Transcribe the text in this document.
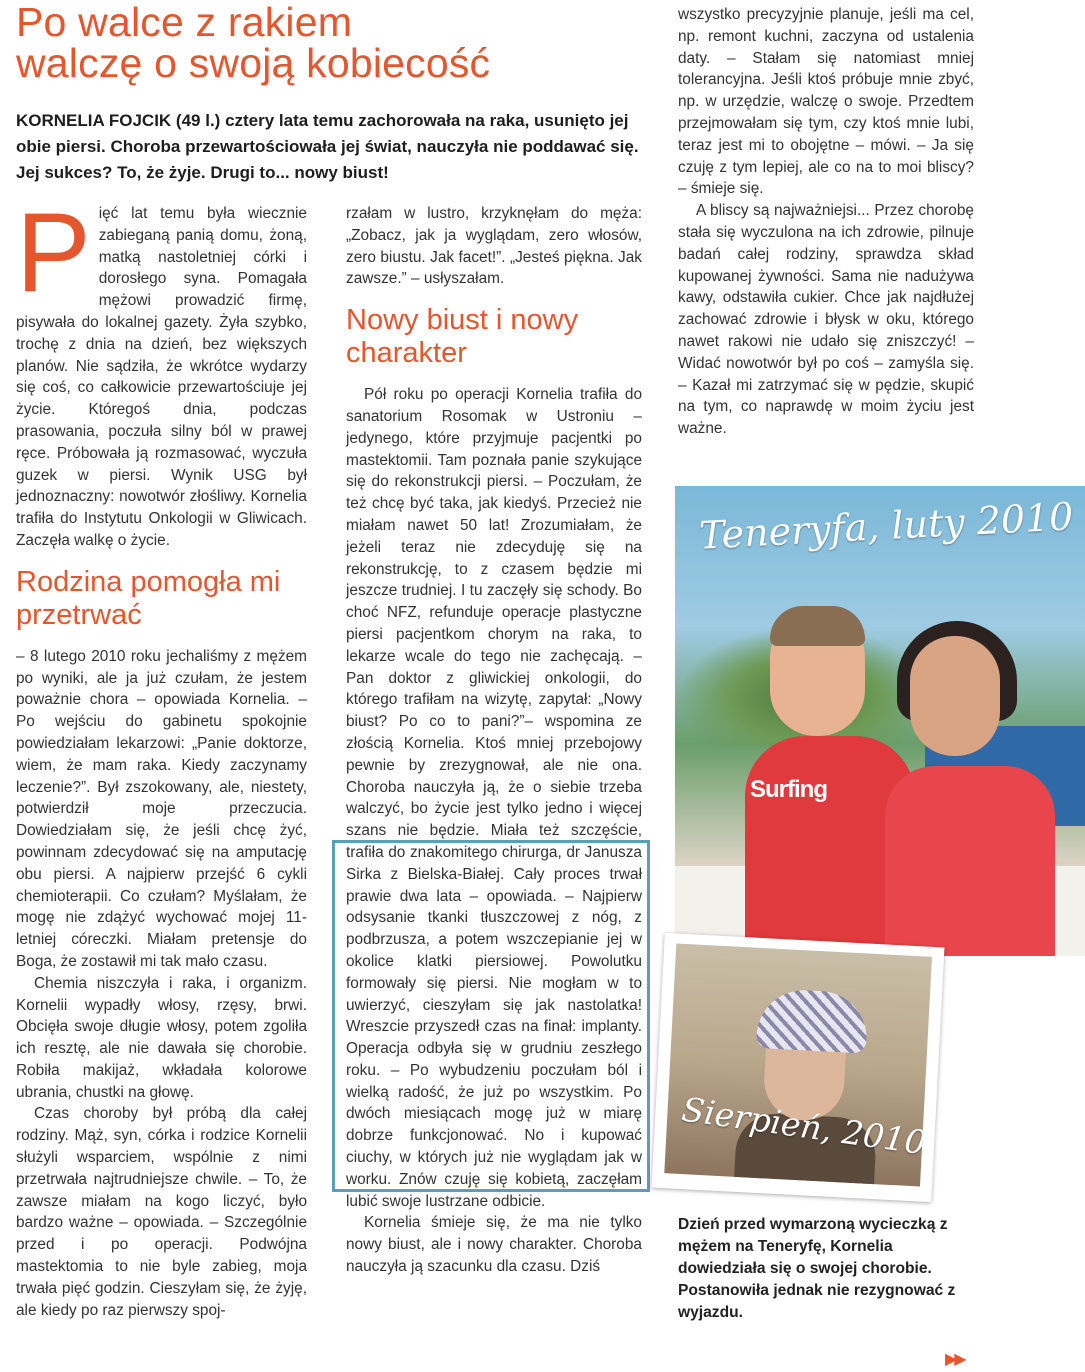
Po walce z rakiem
walczę o swoją kobiecość
KORNELIA FOJCIK (49 l.) cztery lata temu zachorowała na raka, usunięto jej obie piersi. Choroba przewartościowała jej świat, nauczyła nie poddawać się. Jej sukces? To, że żyje. Drugi to... nowy biust!

Pięć lat temu była wiecznie zabieganą panią domu, żoną, matką nastoletniej córki i dorosłego syna. Pomagała mężowi prowadzić firmę, pisywała do lokalnej gazety. Żyła szybko, trochę z dnia na dzień, bez większych planów. Nie sądziła, że wkrótce wydarzy się coś, co całkowicie przewartościuje jej życie. Któregoś dnia, podczas prasowania, poczuła silny ból w prawej ręce. Próbowała ją rozmasować, wyczuła guzek w piersi. Wynik USG był jednoznaczny: nowotwór złośliwy. Kornelia trafiła do Instytutu Onkologii w Gliwicach. Zaczęła walkę o życie.

Rodzina pomogła mi przetrwać

– 8 lutego 2010 roku jechaliśmy z mężem po wyniki, ale ja już czułam, że jestem poważnie chora – opowiada Kornelia. – Po wejściu do gabinetu spokojnie powiedziałam lekarzowi: „Panie doktorze, wiem, że mam raka. Kiedy zaczynamy leczenie?”. Był zszokowany, ale, niestety, potwierdził moje przeczucia. Dowiedziałam się, że jeśli chcę żyć, powinnam zdecydować się na amputację obu piersi. A najpierw przejść 6 cykli chemioterapii. Co czułam? Myślałam, że mogę nie zdążyć wychować mojej 11-letniej córeczki. Miałam pretensje do Boga, że zostawił mi tak mało czasu.

Chemia niszczyła i raka, i organizm. Kornelii wypadły włosy, rzęsy, brwi. Obcięła swoje długie włosy, potem zgoliła ich resztę, ale nie dawała się chorobie. Robiła makijaż, wkładała kolorowe ubrania, chustki na głowę.

Czas choroby był próbą dla całej rodziny. Mąż, syn, córka i rodzice Kornelii służyli wsparciem, wspólnie z nimi przetrwała najtrudniejsze chwile. – To, że zawsze miałam na kogo liczyć, było bardzo ważne – opowiada. – Szczególnie przed i po operacji. Podwójna mastektomia to nie byle zabieg, moja trwała pięć godzin. Cieszyłam się, że żyję, ale kiedy po raz pierwszy spoj-

rzałam w lustro, krzyknęłam do męża: „Zobacz, jak ja wyglądam, zero włosów, zero biustu. Jak facet!”. „Jesteś piękna. Jak zawsze.” – usłyszałam.

Nowy biust i nowy charakter

Pół roku po operacji Kornelia trafiła do sanatorium Rosomak w Ustroniu – jedynego, które przyjmuje pacjentki po mastektomii. Tam poznała panie szykujące się do rekonstrukcji piersi. – Poczułam, że też chcę być taka, jak kiedyś. Przecież nie miałam nawet 50 lat! Zrozumiałam, że jeżeli teraz nie zdecyduję się na rekonstrukcję, to z czasem będzie mi jeszcze trudniej. I tu zaczęły się schody. Bo choć NFZ, refunduje operacje plastyczne piersi pacjentkom chorym na raka, to lekarze wcale do tego nie zachęcają. – Pan doktor z gliwickiej onkologii, do którego trafiłam na wizytę, zapytał: „Nowy biust? Po co to pani?”– wspomina ze złością Kornelia. Ktoś mniej przebojowy pewnie by zrezygnował, ale nie ona. Choroba nauczyła ją, że o siebie trzeba walczyć, bo życie jest tylko jedno i więcej szans nie będzie. Miała też szczęście, trafiła do znakomitego chirurga, dr Janusza Sirka z Bielska-Białej. Cały proces trwał prawie dwa lata – opowiada. – Najpierw odsysanie tkanki tłuszczowej z nóg, z podbrzusza, a potem wszczepianie jej w okolice klatki piersiowej. Powolutku formowały się piersi. Nie mogłam w to uwierzyć, cieszyłam się jak nastolatka! Wreszcie przyszedł czas na finał: implanty. Operacja odbyła się w grudniu zeszłego roku. – Po wybudzeniu poczułam ból i wielką radość, że już po wszystkim. Po dwóch miesiącach mogę już w miarę dobrze funkcjonować. No i kupować ciuchy, w których już nie wyglądam jak w worku. Znów czuję się kobietą, zaczęłam lubić swoje lustrzane odbicie.

Kornelia śmieje się, że ma nie tylko nowy biust, ale i nowy charakter. Choroba nauczyła ją szacunku dla czasu. Dziś

wszystko precyzyjnie planuje, jeśli ma cel, np. remont kuchni, zaczyna od ustalenia daty. – Stałam się natomiast mniej tolerancyjna. Jeśli ktoś próbuje mnie zbyć, np. w urzędzie, walczę o swoje. Przedtem przejmowałam się tym, czy ktoś mnie lubi, teraz jest mi to obojętne – mówi. – Ja się czuję z tym lepiej, ale co na to moi bliscy? – śmieje się.

A bliscy są najważniejsi... Przez chorobę stała się wyczulona na ich zdrowie, pilnuje badań całej rodziny, sprawdza skład kupowanej żywności. Sama nie nadużywa kawy, odstawiła cukier. Chce jak najdłużej zachować zdrowie i błysk w oku, którego nawet rakowi nie udało się zniszczyć! – Widać nowotwór był po coś – zamyśla się. – Kazał mi zatrzymać się w pędzie, skupić na tym, co naprawdę w moim życiu jest ważne.

Surfing
Teneryfa, luty 2010
Sierpień, 2010
Dzień przed wymarzoną wycieczką z mężem na Teneryfę, Kornelia dowiedziała się o swojej chorobie. Postanowiła jednak nie rezygnować z wyjazdu.
▶▶
